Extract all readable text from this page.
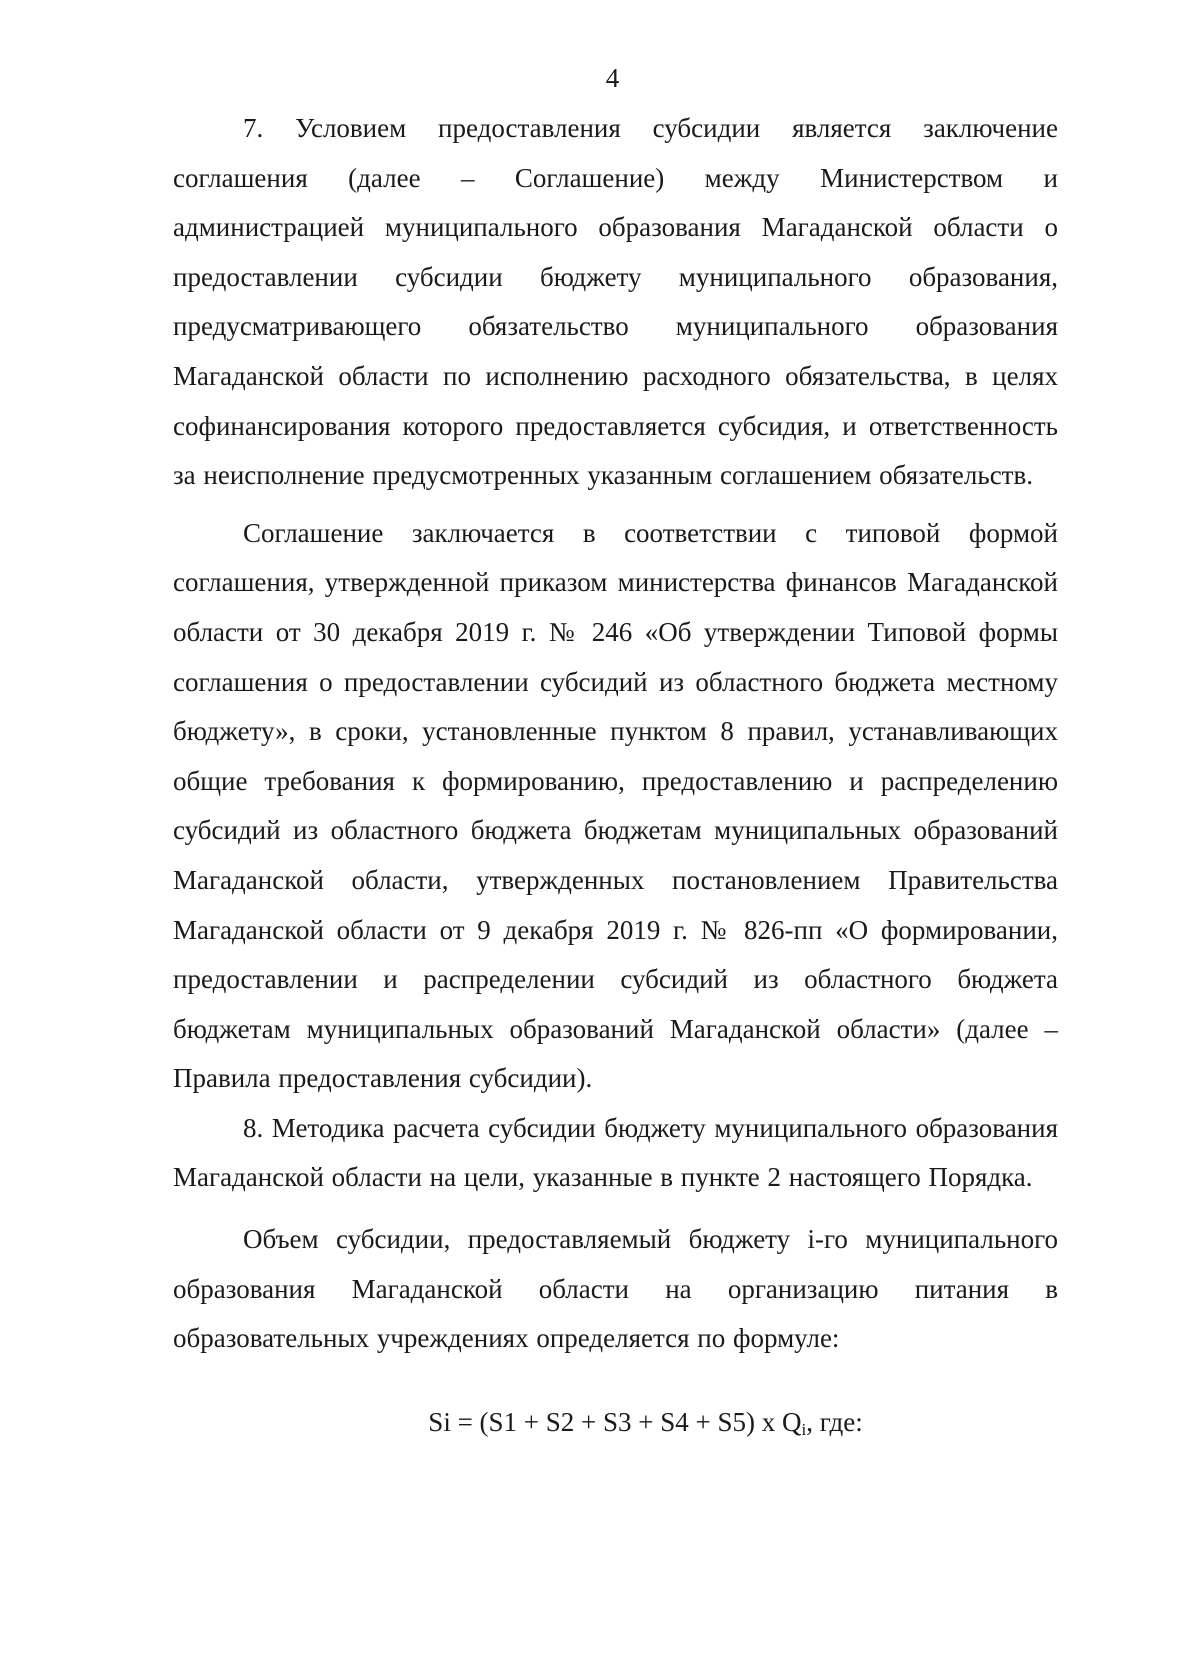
4

7. Условием предоставления субсидии является заключение соглашения (далее – Соглашение) между Министерством и администрацией муниципального образования Магаданской области о предоставлении субсидии бюджету муниципального образования, предусматривающего обязательство муниципального образования Магаданской области по исполнению расходного обязательства, в целях софинансирования которого предоставляется субсидия, и ответственность за неисполнение предусмотренных указанным соглашением обязательств.

Соглашение заключается в соответствии с типовой формой соглашения, утвержденной приказом министерства финансов Магаданской области от 30 декабря 2019 г. № 246 «Об утверждении Типовой формы соглашения о предоставлении субсидий из областного бюджета местному бюджету», в сроки, установленные пунктом 8 правил, устанавливающих общие требования к формированию, предоставлению и распределению субсидий из областного бюджета бюджетам муниципальных образований Магаданской области, утвержденных постановлением Правительства Магаданской области от 9 декабря 2019 г. № 826-пп «О формировании, предоставлении и распределении субсидий из областного бюджета бюджетам муниципальных образований Магаданской области» (далее – Правила предоставления субсидии).

8. Методика расчета субсидии бюджету муниципального образования Магаданской области на цели, указанные в пункте 2 настоящего Порядка.

Объем субсидии, предоставляемый бюджету i-го муниципального образования Магаданской области на организацию питания в образовательных учреждениях определяется по формуле:

Si = (S1 + S2 + S3 + S4 + S5) x $Q_i$, где:
